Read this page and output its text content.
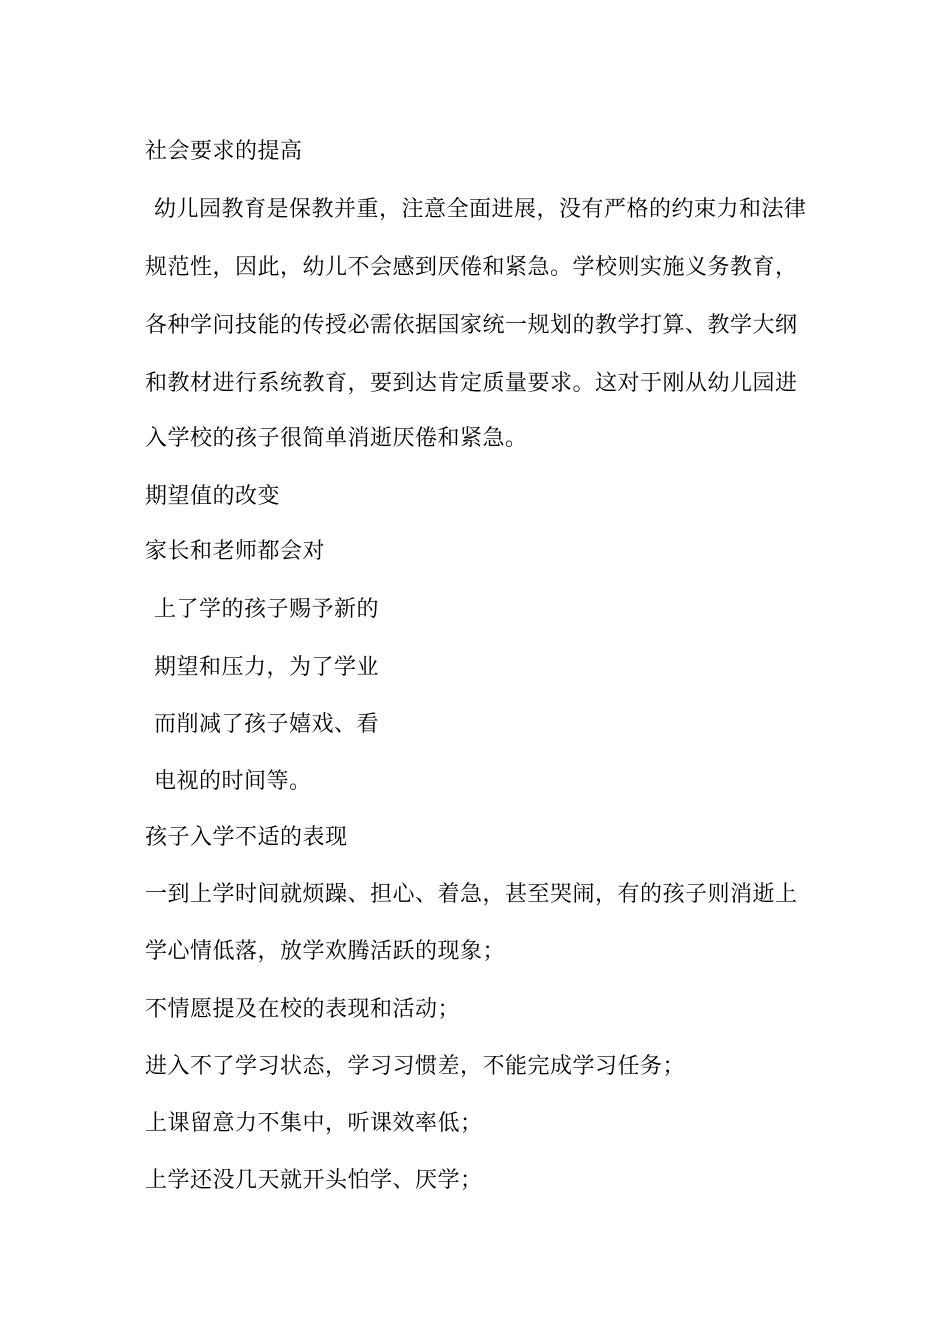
社会要求的提高
幼儿园教育是保教并重，注意全面进展，没有严格的约束力和法律
规范性，因此，幼儿不会感到厌倦和紧急。学校则实施义务教育，
各种学问技能的传授必需依据国家统一规划的教学打算、教学大纲
和教材进行系统教育，要到达肯定质量要求。这对于刚从幼儿园进
入学校的孩子很简单消逝厌倦和紧急。
期望值的改变
家长和老师都会对
上了学的孩子赐予新的
期望和压力，为了学业
而削减了孩子嬉戏、看
电视的时间等。
孩子入学不适的表现
一到上学时间就烦躁、担心、着急，甚至哭闹，有的孩子则消逝上
学心情低落，放学欢腾活跃的现象；
不情愿提及在校的表现和活动；
进入不了学习状态，学习习惯差，不能完成学习任务；
上课留意力不集中，听课效率低；
上学还没几天就开头怕学、厌学；
